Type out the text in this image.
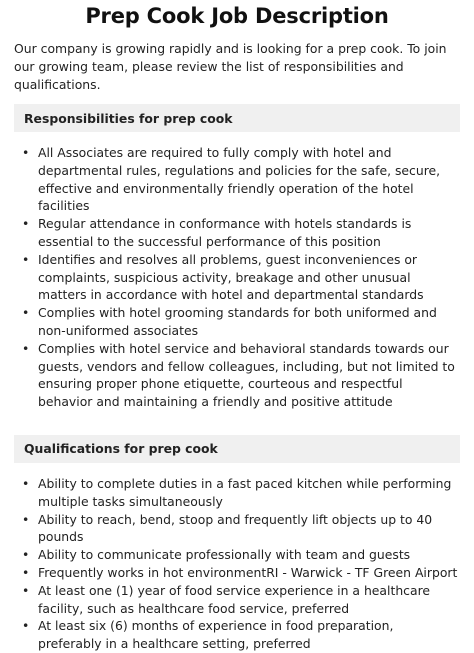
Prep Cook Job Description

Our company is growing rapidly and is looking for a prep cook. To join our growing team, please review the list of responsibilities and qualifications.

Responsibilities for prep cook
• All Associates are required to fully comply with hotel and departmental rules, regulations and policies for the safe, secure, effective and environmentally friendly operation of the hotel facilities
• Regular attendance in conformance with hotels standards is essential to the successful performance of this position
• Identifies and resolves all problems, guest inconveniences or complaints, suspicious activity, breakage and other unusual matters in accordance with hotel and departmental standards
• Complies with hotel grooming standards for both uniformed and non-uniformed associates
• Complies with hotel service and behavioral standards towards our guests, vendors and fellow colleagues, including, but not limited to ensuring proper phone etiquette, courteous and respectful behavior and maintaining a friendly and positive attitude
Qualifications for prep cook
• Ability to complete duties in a fast paced kitchen while performing multiple tasks simultaneously
• Ability to reach, bend, stoop and frequently lift objects up to 40 pounds
• Ability to communicate professionally with team and guests
• Frequently works in hot environmentRI - Warwick - TF Green Airport
• At least one (1) year of food service experience in a healthcare facility, such as healthcare food service, preferred
• At least six (6) months of experience in food preparation, preferably in a healthcare setting, preferred
